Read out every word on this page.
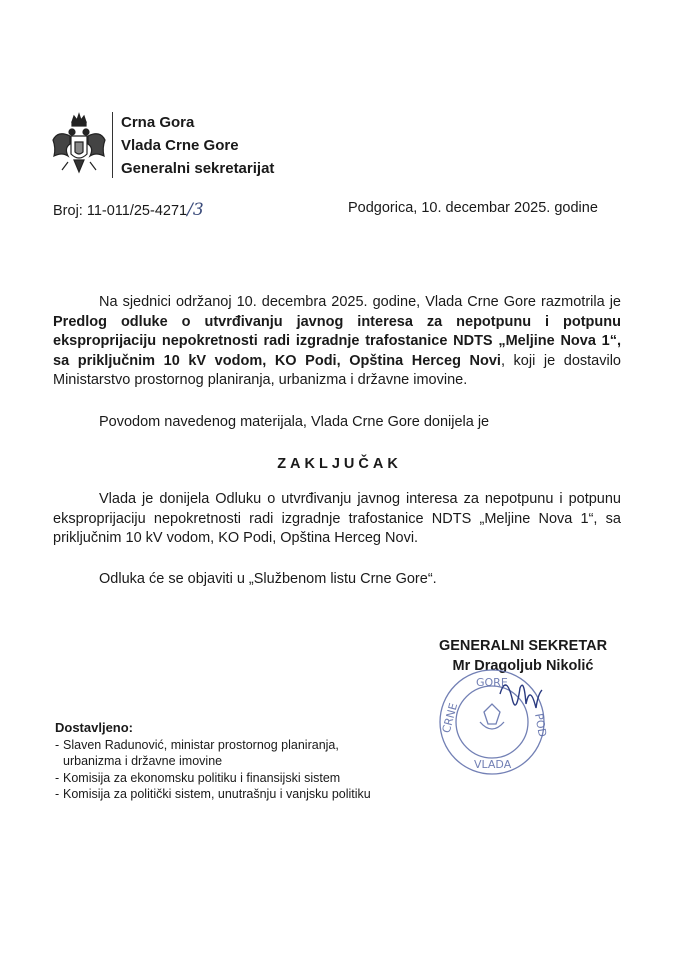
Crna Gora
Vlada Crne Gore
Generalni sekretarijat
Broj: 11-011/25-4271/3	Podgorica, 10. decembar 2025. godine
Na sjednici održanoj 10. decembra 2025. godine, Vlada Crne Gore razmotrila je Predlog odluke o utvrđivanju javnog interesa za nepotpunu i potpunu eksproprijaciju nepokretnosti radi izgradnje trafostanice NDTS „Meljine Nova 1“, sa priključnim 10 kV vodom, KO Podi, Opština Herceg Novi, koji je dostavilo Ministarstvo prostornog planiranja, urbanizma i državne imovine.
Povodom navedenog materijala, Vlada Crne Gore donijela je
ZAKLJUČAK
Vlada je donijela Odluku o utvrđivanju javnog interesa za nepotpunu i potpunu eksproprijaciju nepokretnosti radi izgradnje trafostanice NDTS „Meljine Nova 1“, sa priključnim 10 kV vodom, KO Podi, Opština Herceg Novi.
Odluka će se objaviti u „Službenom listu Crne Gore“.
GENERALNI SEKRETAR
Mr Dragoljub Nikolić
GORE
CRNE
VLADA
POD
Dostavljeno:
- Slaven Radunović, ministar prostornog planiranja, urbanizma i državne imovine
- Komisija za ekonomsku politiku i finansijski sistem
- Komisija za politički sistem, unutrašnju i vanjsku politiku
